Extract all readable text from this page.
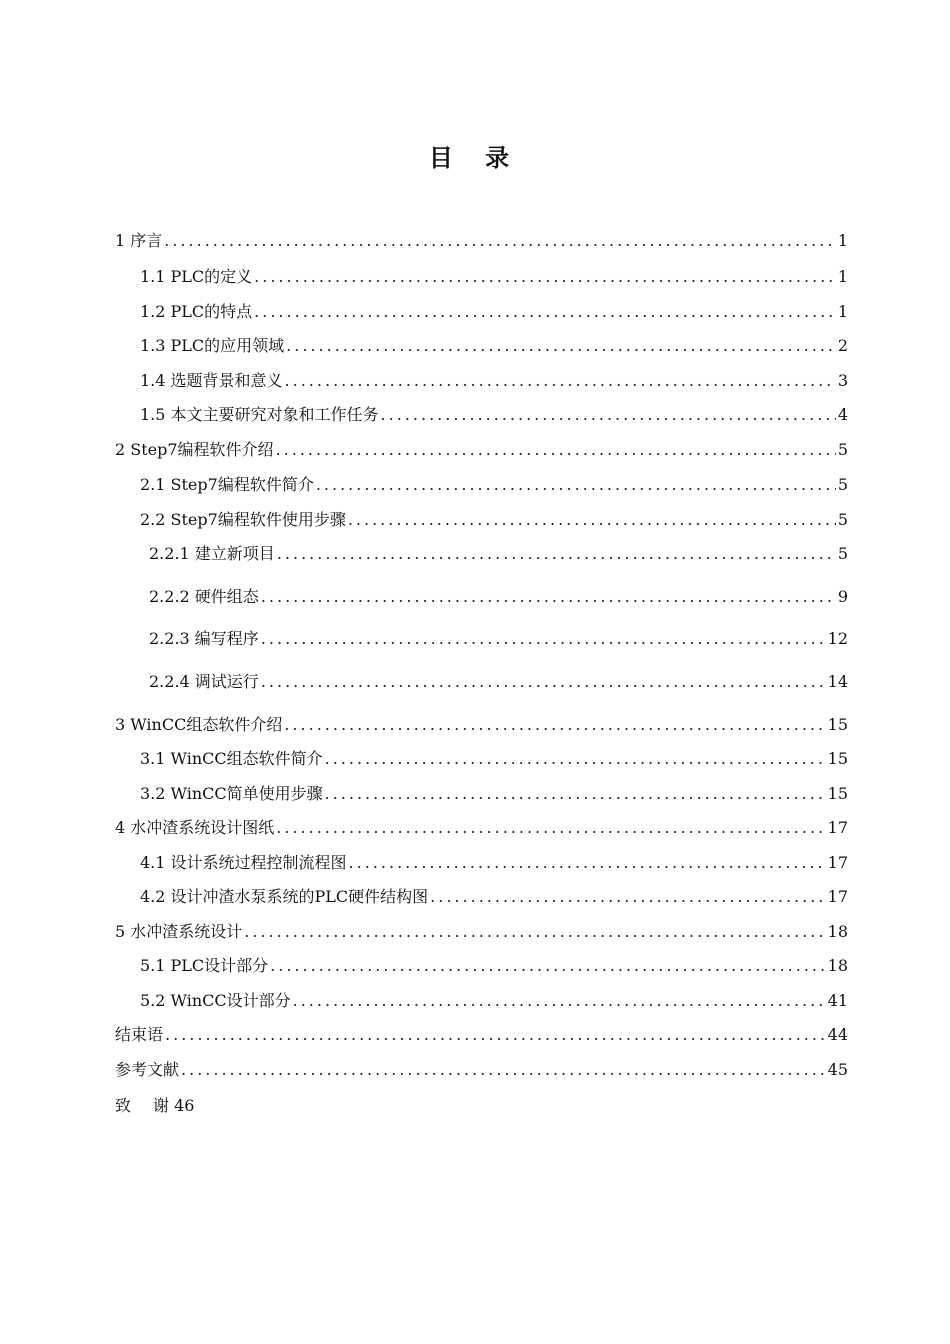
目 录
1 序言 .....	1
1.1 PLC的定义 .....	1
1.2 PLC的特点 .....	1
1.3 PLC的应用领域 .....	2
1.4 选题背景和意义 .....	3
1.5 本文主要研究对象和工作任务 .....	4
2 Step7编程软件介绍 .....	5
2.1 Step7编程软件简介 .....	5
2.2 Step7编程软件使用步骤 .....	5
2.2.1 建立新项目 .....	5
2.2.2 硬件组态 .....	9
2.2.3 编写程序 .....	12
2.2.4 调试运行 .....	14
3 WinCC组态软件介绍 .....	15
3.1 WinCC组态软件简介 .....	15
3.2 WinCC简单使用步骤 .....	15
4 水冲渣系统设计图纸 .....	17
4.1 设计系统过程控制流程图 .....	17
4.2 设计冲渣水泵系统的PLC硬件结构图 .....	17
5 水冲渣系统设计 .....	18
5.1 PLC设计部分 .....	18
5.2 WinCC设计部分 .....	41
结束语 .....	44
参考文献 .....	45
致 谢 46
